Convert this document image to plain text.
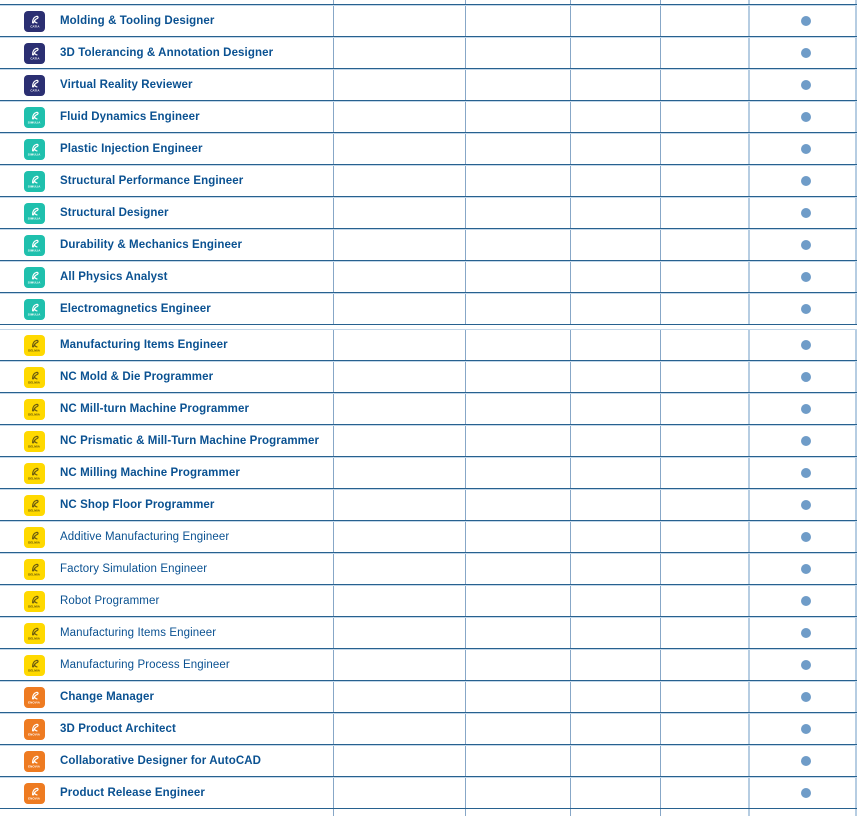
CATIA Molding & Tooling Designer
CATIA 3D Tolerancing & Annotation Designer
CATIA Virtual Reality Reviewer
SIMULIA Fluid Dynamics Engineer
SIMULIA Plastic Injection Engineer
SIMULIA Structural Performance Engineer
SIMULIA Structural Designer
SIMULIA Durability & Mechanics Engineer
SIMULIA All Physics Analyst
SIMULIA Electromagnetics Engineer
DELMIA Manufacturing Items Engineer
DELMIA NC Mold & Die Programmer
DELMIA NC Mill-turn Machine Programmer
DELMIA NC Prismatic & Mill-Turn Machine Programmer
DELMIA NC Milling Machine Programmer
DELMIA NC Shop Floor Programmer
DELMIA Additive Manufacturing Engineer
DELMIA Factory Simulation Engineer
DELMIA Robot Programmer
DELMIA Manufacturing Items Engineer
DELMIA Manufacturing Process Engineer
ENOVIA Change Manager
ENOVIA 3D Product Architect
ENOVIA Collaborative Designer for AutoCAD
ENOVIA Product Release Engineer
